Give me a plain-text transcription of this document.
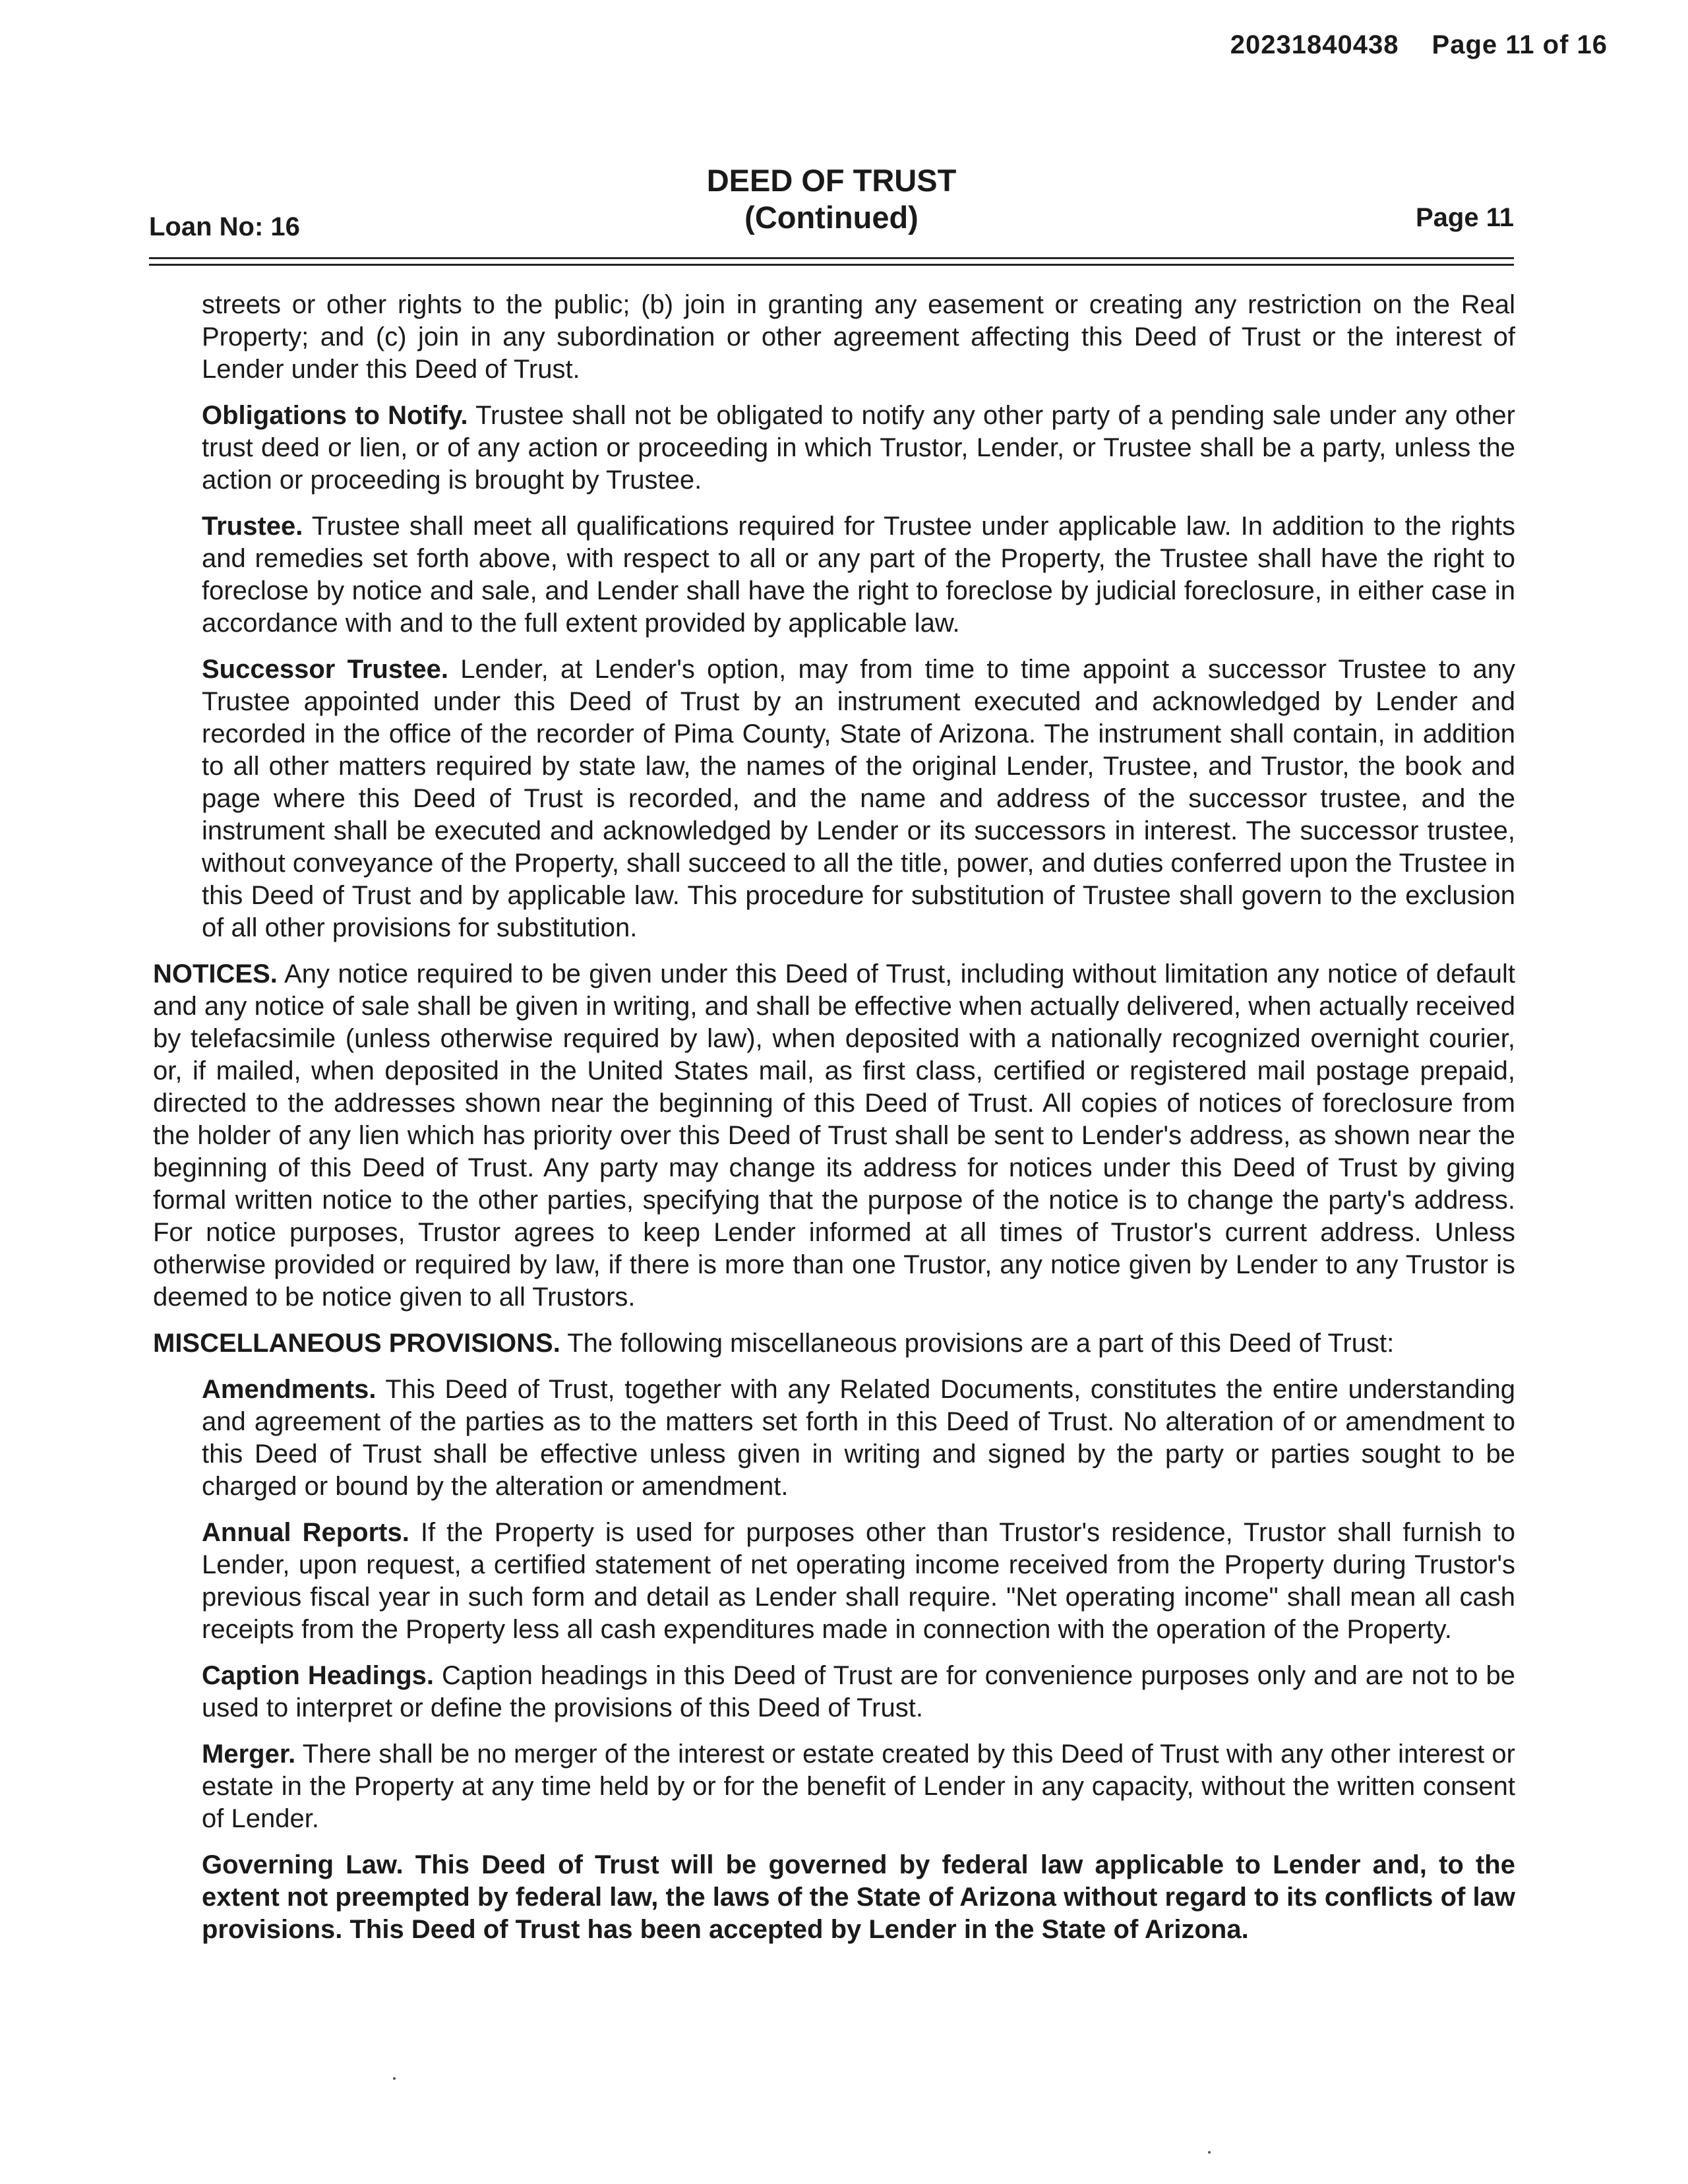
20231840438 Page 11 of 16
Loan No: 16
DEED OF TRUST
(Continued)	Page 11

streets or other rights to the public; (b) join in granting any easement or creating any restriction on the Real Property; and (c) join in any subordination or other agreement affecting this Deed of Trust or the interest of Lender under this Deed of Trust.

Obligations to Notify. Trustee shall not be obligated to notify any other party of a pending sale under any other trust deed or lien, or of any action or proceeding in which Trustor, Lender, or Trustee shall be a party, unless the action or proceeding is brought by Trustee.

Trustee. Trustee shall meet all qualifications required for Trustee under applicable law. In addition to the rights and remedies set forth above, with respect to all or any part of the Property, the Trustee shall have the right to foreclose by notice and sale, and Lender shall have the right to foreclose by judicial foreclosure, in either case in accordance with and to the full extent provided by applicable law.

Successor Trustee. Lender, at Lender's option, may from time to time appoint a successor Trustee to any Trustee appointed under this Deed of Trust by an instrument executed and acknowledged by Lender and recorded in the office of the recorder of Pima County, State of Arizona. The instrument shall contain, in addition to all other matters required by state law, the names of the original Lender, Trustee, and Trustor, the book and page where this Deed of Trust is recorded, and the name and address of the successor trustee, and the instrument shall be executed and acknowledged by Lender or its successors in interest. The successor trustee, without conveyance of the Property, shall succeed to all the title, power, and duties conferred upon the Trustee in this Deed of Trust and by applicable law. This procedure for substitution of Trustee shall govern to the exclusion of all other provisions for substitution.

NOTICES. Any notice required to be given under this Deed of Trust, including without limitation any notice of default and any notice of sale shall be given in writing, and shall be effective when actually delivered, when actually received by telefacsimile (unless otherwise required by law), when deposited with a nationally recognized overnight courier, or, if mailed, when deposited in the United States mail, as first class, certified or registered mail postage prepaid, directed to the addresses shown near the beginning of this Deed of Trust. All copies of notices of foreclosure from the holder of any lien which has priority over this Deed of Trust shall be sent to Lender's address, as shown near the beginning of this Deed of Trust. Any party may change its address for notices under this Deed of Trust by giving formal written notice to the other parties, specifying that the purpose of the notice is to change the party's address. For notice purposes, Trustor agrees to keep Lender informed at all times of Trustor's current address. Unless otherwise provided or required by law, if there is more than one Trustor, any notice given by Lender to any Trustor is deemed to be notice given to all Trustors.

MISCELLANEOUS PROVISIONS. The following miscellaneous provisions are a part of this Deed of Trust:

Amendments. This Deed of Trust, together with any Related Documents, constitutes the entire understanding and agreement of the parties as to the matters set forth in this Deed of Trust. No alteration of or amendment to this Deed of Trust shall be effective unless given in writing and signed by the party or parties sought to be charged or bound by the alteration or amendment.

Annual Reports. If the Property is used for purposes other than Trustor's residence, Trustor shall furnish to Lender, upon request, a certified statement of net operating income received from the Property during Trustor's previous fiscal year in such form and detail as Lender shall require. "Net operating income" shall mean all cash receipts from the Property less all cash expenditures made in connection with the operation of the Property.

Caption Headings. Caption headings in this Deed of Trust are for convenience purposes only and are not to be used to interpret or define the provisions of this Deed of Trust.

Merger. There shall be no merger of the interest or estate created by this Deed of Trust with any other interest or estate in the Property at any time held by or for the benefit of Lender in any capacity, without the written consent of Lender.

Governing Law. This Deed of Trust will be governed by federal law applicable to Lender and, to the extent not preempted by federal law, the laws of the State of Arizona without regard to its conflicts of law provisions. This Deed of Trust has been accepted by Lender in the State of Arizona.
